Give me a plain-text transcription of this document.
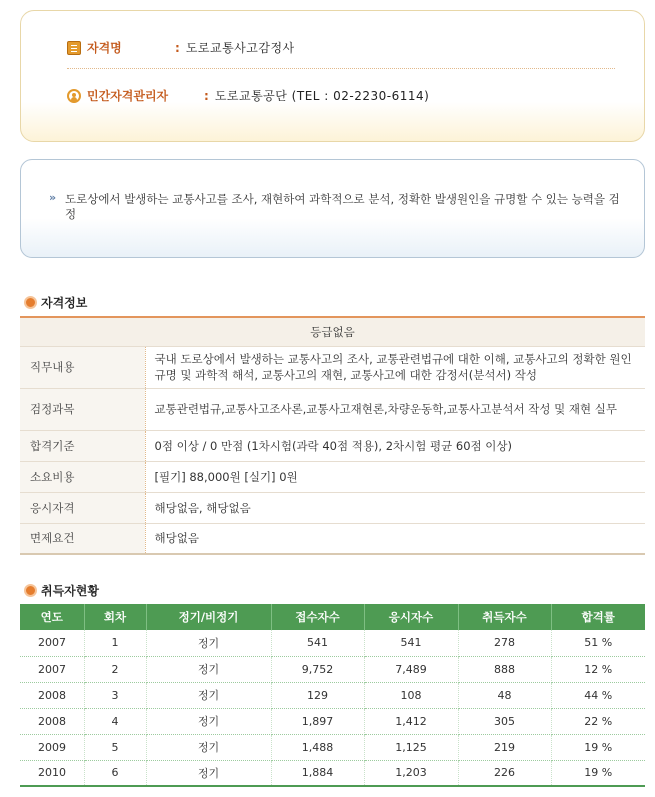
자격명	: 도로교통사고감정사
민간자격관리자	: 도로교통공단 (TEL : 02-2230-6114)
» 도로상에서 발생하는 교통사고를 조사, 재현하여 과학적으로 분석, 정확한 발생원인을 규명할 수 있는 능력을 검정
자격정보
등급없음	
직무내용	국내 도로상에서 발생하는 교통사고의 조사, 교통관련법규에 대한 이해, 교통사고의 정확한 원인 규명 및 과학적 해석, 교통사고의 재현, 교통사고에 대한 감정서(분석서) 작성
검정과목	교통관련법규,교통사고조사론,교통사고재현론,차량운동학,교통사고분석서 작성 및 재현 실무
합격기준	0점 이상 / 0 만점 (1차시험(과락 40점 적용), 2차시험 평균 60점 이상)
소요비용	[필기] 88,000원 [실기] 0원
응시자격	해당없음, 해당없음
면제요건	해당없음
취득자현황
연도	회차	정기/비정기	접수자수	응시자수	취득자수	합격률
2007	1	정기	541	541	278	51 %
2007	2	정기	9,752	7,489	888	12 %
2008	3	정기	129	108	48	44 %
2008	4	정기	1,897	1,412	305	22 %
2009	5	정기	1,488	1,125	219	19 %
2010	6	정기	1,884	1,203	226	19 %
